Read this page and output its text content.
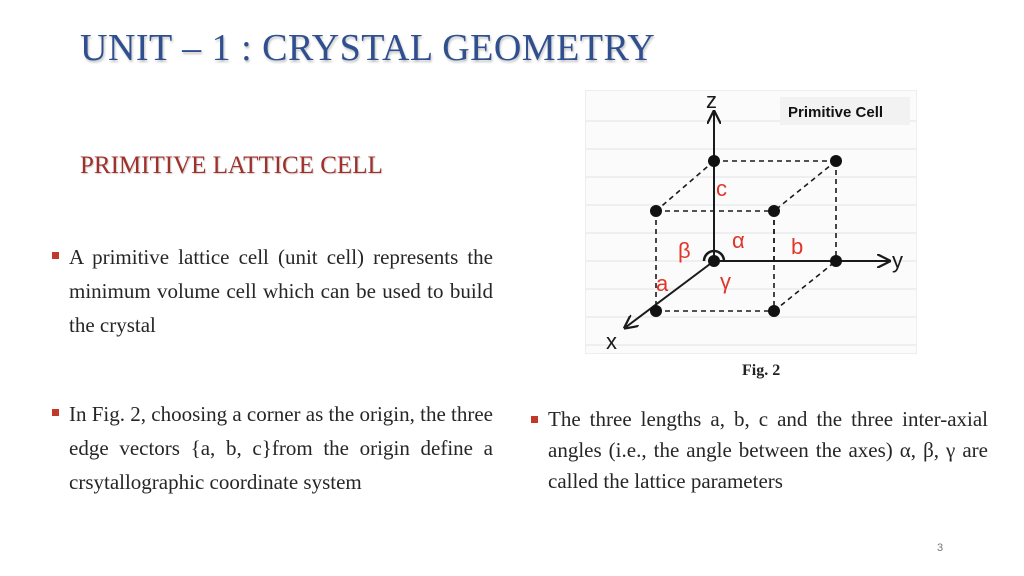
UNIT – 1 : CRYSTAL GEOMETRY
PRIMITIVE LATTICE CELL
A primitive lattice cell (unit cell) represents the minimum volume cell which can be used to build the crystal
In Fig. 2, choosing a corner as the origin, the three edge vectors {a, b, c}from the origin define a crsytallographic coordinate system
The three lengths a, b, c and the three inter-axial angles (i.e., the angle between the axes) α, β, γ are called the lattice parameters
z
y
x
c
b
a
α
β
γ
Primitive Cell
Fig. 2
3
